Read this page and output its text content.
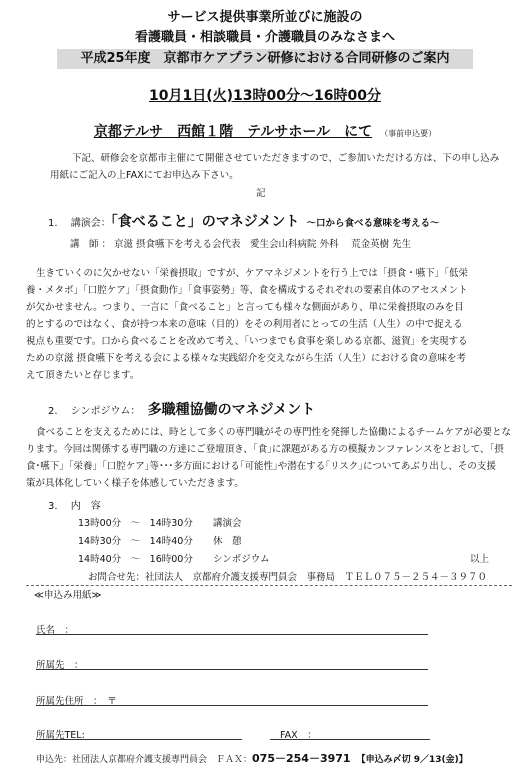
サービス提供事業所並びに施設の
看護職員・相談職員・介護職員のみなさまへ
平成25年度　京都市ケアプラン研修における合同研修のご案内
10月1日(火)13時00分～16時00分
京都テルサ　西館１階　テルサホール　にて （事前申込要）
下記、研修会を京都市主催にて開催させていただきますので、ご参加いただける方は、下の申し込み
用紙にご記入の上FAXにてお申込み下さい。
記
1. 講演会：「食べること」のマネジメント ～口から食べる意味を考える～
講　師 ： 京滋 摂食嚥下を考える会代表　愛生会山科病院 外科　 荒金英樹 先生
生きていくのに欠かせない「栄養摂取」ですが、ケアマネジメントを行う上では「摂食・嚥下」「低栄
養・メタボ」「口腔ケア」「摂食動作」「食事姿勢」等、食を構成するそれぞれの要素自体のアセスメント
が欠かせません。つまり、一言に「食べること」と言っても様々な側面があり、単に栄養摂取のみを目
的とするのではなく、食が持つ本来の意味（目的）をその利用者にとっての生活（人生）の中で捉える
視点も重要です。口から食べることを改めて考え、「いつまでも食事を楽しめる京都、滋賀」を実現する
ための京滋 摂食嚥下を考える会による様々な実践紹介を交えながら生活（人生）における食の意味を考
えて頂きたいと存じます。
2. シンポジウム： 多職種協働のマネジメント
食べることを支えるためには、時として多くの専門職がその専門性を発揮した協働によるチームケアが必要とな
ります。今回は関係する専門職の方達にご登壇頂き、｢食｣に課題がある方の模擬カンファレンスをとおして、｢摂
食･嚥下｣「栄養」｢口腔ケア｣等･･･多方面における｢可能性｣や潜在する｢リスク｣についてあぶり出し、その支援
策が具体化していく様子を体感していただきます。
3. 内　容
13時00分　～　14時30分 講演会
14時30分　～　14時40分 休　憩
14時40分　～　16時00分 シンポジウム	以上
お問合せ先：社団法人　京都府介護支援専門員会　事務局　ＴＥＬ０７５－２５４－３９７０
≪申込み用紙≫
氏名　：
所属先　：
所属先住所　：　〒
所属先TEL:	FAX　：
申込先：社団法人京都府介護支援専門員会　ＦＡＸ：075－254－3971 【申込み〆切 9／13(金)】
